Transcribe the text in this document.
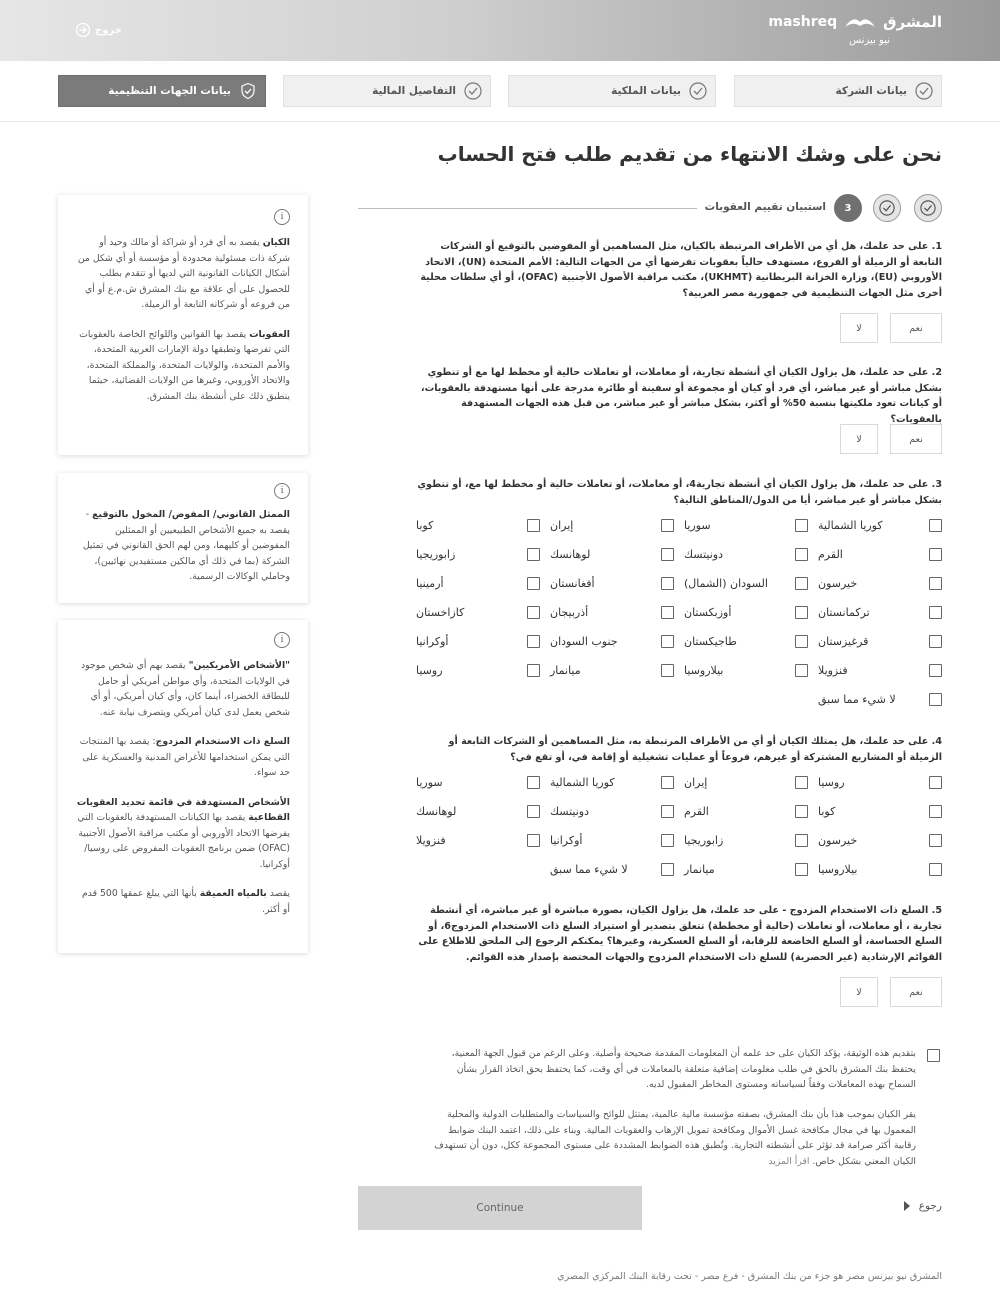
المشرق
mashreq
نيو بيزنس
خروج
بيانات الشركة
بيانات الملكية
التفاصيل المالية
بيانات الجهات التنظيمية
نحن على وشك الانتهاء من تقديم طلب فتح الحساب
3
استبيان تقييم العقوبات
i

الكيان يقصد به أي فرد أو شراكة أو مالك وحيد أو شركة ذات مسئولية محدودة أو مؤسسة أو أي شكل من أشكال الكيانات القانونية التي لديها أو تتقدم بطلب للحصول على أي علاقة مع بنك المشرق ش.م.ع أو أي من فروعه أو شركاته التابعة أو الزميلة.

العقوبات يقصد بها القوانين واللوائح الخاصة بالعقوبات التي تفرضها وتطبقها دولة الإمارات العربية المتحدة، والأمم المتحدة، والولايات المتحدة، والمملكة المتحدة، والاتحاد الأوروبي، وغيرها من الولايات القضائية، حيثما ينطبق ذلك على أنشطة بنك المشرق.

i

الممثل القانوني/ المفوض/ المخول بالتوقيع - يقصد به جميع الأشخاص الطبيعيين أو الممثلين المفوضين أو كليهما، ومن لهم الحق القانوني في تمثيل الشركة (بما في ذلك أي مالكين مستفيدين نهائيين)، وحاملي الوكالات الرسمية.

i

"الأشخاص الأمريكيين" يقصد بهم أي شخص موجود في الولايات المتحدة، وأي مواطن أمريكي أو حامل للبطاقة الخضراء، أينما كان، وأي كيان أمريكي، أو أي شخص يعمل لدى كيان أمريكي ويتصرف نيابة عنه.

السلع ذات الاستخدام المزدوج: يقصد بها المنتجات التي يمكن استخدامها للأغراض المدنية والعسكرية على حد سواء.

الأشخاص المستهدفة في قائمة تحديد العقوبات القطاعية يقصد بها الكيانات المستهدفة بالعقوبات التي يفرضها الاتحاد الأوروبي أو مكتب مراقبة الأصول الأجنبية (OFAC) ضمن برنامج العقوبات المفروض على روسيا/ أوكرانيا.

يقصد بالمياه العميقة بأنها التي يبلغ عمقها 500 قدم أو أكثر.

1. على حد علمك، هل أي من الأطراف المرتبطة بالكيان، مثل المساهمين أو المفوضين بالتوقيع أو الشركات التابعة أو الزميلة أو الفروع، مستهدف حالياً بعقوبات تفرضها أي من الجهات التالية: الأمم المتحدة (UN)، الاتحاد الأوروبي (EU)، وزارة الخزانة البريطانية (UKHMT)، مكتب مراقبة الأصول الأجنبية (OFAC)، أو أي سلطات محلية أخرى مثل الجهات التنظيمية في جمهورية مصر العربية؟
نعم
لا
2. على حد علمك، هل يزاول الكيان أي أنشطة تجارية، أو معاملات، أو تعاملات حالية أو مخطط لها مع أو تنطوي بشكل مباشر أو غير مباشر، أي فرد أو كيان أو مجموعة أو سفينة أو طائرة مدرجة على أنها مستهدفة بالعقوبات، أو كيانات تعود ملكيتها بنسبة 50% أو أكثر، بشكل مباشر أو غير مباشر، من قبل هذه الجهات المستهدفة بالعقوبات؟
نعم
لا
3. على حد علمك، هل يزاول الكيان أي أنشطة تجارية4، أو معاملات، أو تعاملات حالية أو مخطط لها مع، أو تنطوي بشكل مباشر أو غير مباشر، أيا من الدول/المناطق التالية؟
كوريا الشمالية
سوريا
إيران
كوبا
القرم
دونيتسك
لوهانسك
زابوريجيا
خيرسون
السودان (الشمال)
أفغانستان
أرمينيا
تركمانستان
أوزبكستان
أذربيجان
كازاخستان
قرغيزستان
طاجيكستان
جنوب السودان
أوكرانيا
فنزويلا
بيلاروسيا
ميانمار
روسيا
لا شيء مما سبق
4. على حد علمك، هل يمتلك الكيان أو أي من الأطراف المرتبطة به، مثل المساهمين أو الشركات التابعة أو الزميلة أو المشاريع المشتركة أو غيرهم، فروعاً أو عمليات تشغيلية أو إقامة في، أو تقع في؟
روسيا
إيران
كوريا الشمالية
سوريا
كوبا
القرم
دونيتسك
لوهانسك
خيرسون
زابوريجيا
أوكرانيا
فنزويلا
بيلاروسيا
ميانمار
لا شيء مما سبق
5. السلع ذات الاستخدام المزدوج - على حد علمك، هل يزاول الكيان، بصورة مباشرة أو غير مباشرة، أي أنشطة تجارية ، أو معاملات، أو تعاملات (حالية أو مخططة) تتعلق بتصدير أو استيراد السلع ذات الاستخدام المزدوج6، أو السلع الحساسة، أو السلع الخاضعة للرقابة، أو السلع العسكرية، وغيرها؟ يمكنكم الرجوع إلى الملحق للاطلاع على القوائم الإرشادية (غير الحصرية) للسلع ذات الاستخدام المزدوج والجهات المختصة بإصدار هذه القوائم.
نعم
لا
بتقديم هذه الوثيقة، يؤكد الكيان على حد علمه أن المعلومات المقدمة صحيحة وأصلية. وعلى الرغم من قبول الجهة المعنية، يحتفظ بنك المشرق بالحق في طلب معلومات إضافية متعلقة بالمعاملات في أي وقت، كما يحتفظ بحق اتخاذ القرار بشأن السماح بهذه المعاملات وفقاً لسياساته ومستوى المخاطر المقبول لديه.
يقر الكيان بموجب هذا بأن بنك المشرق، بصفته مؤسسة مالية عالمية، يمتثل للوائح والسياسات والمتطلبات الدولية والمحلية المعمول بها في مجال مكافحة غسل الأموال ومكافحة تمويل الإرهاب والعقوبات المالية. وبناء على ذلك، اعتمد البنك ضوابط رقابية أكثر صرامة قد تؤثر على أنشطته التجارية. وتُطبق هذه الضوابط المشددة على مستوى المجموعة ككل، دون أن تستهدف الكيان المعني بشكل خاص. اقرأ المزيد
Continue	رجوع
المشرق نيو بيزنس مصر هو جزء من بنك المشرق - فرع مصر - تحت رقابة البنك المركزي المصري
